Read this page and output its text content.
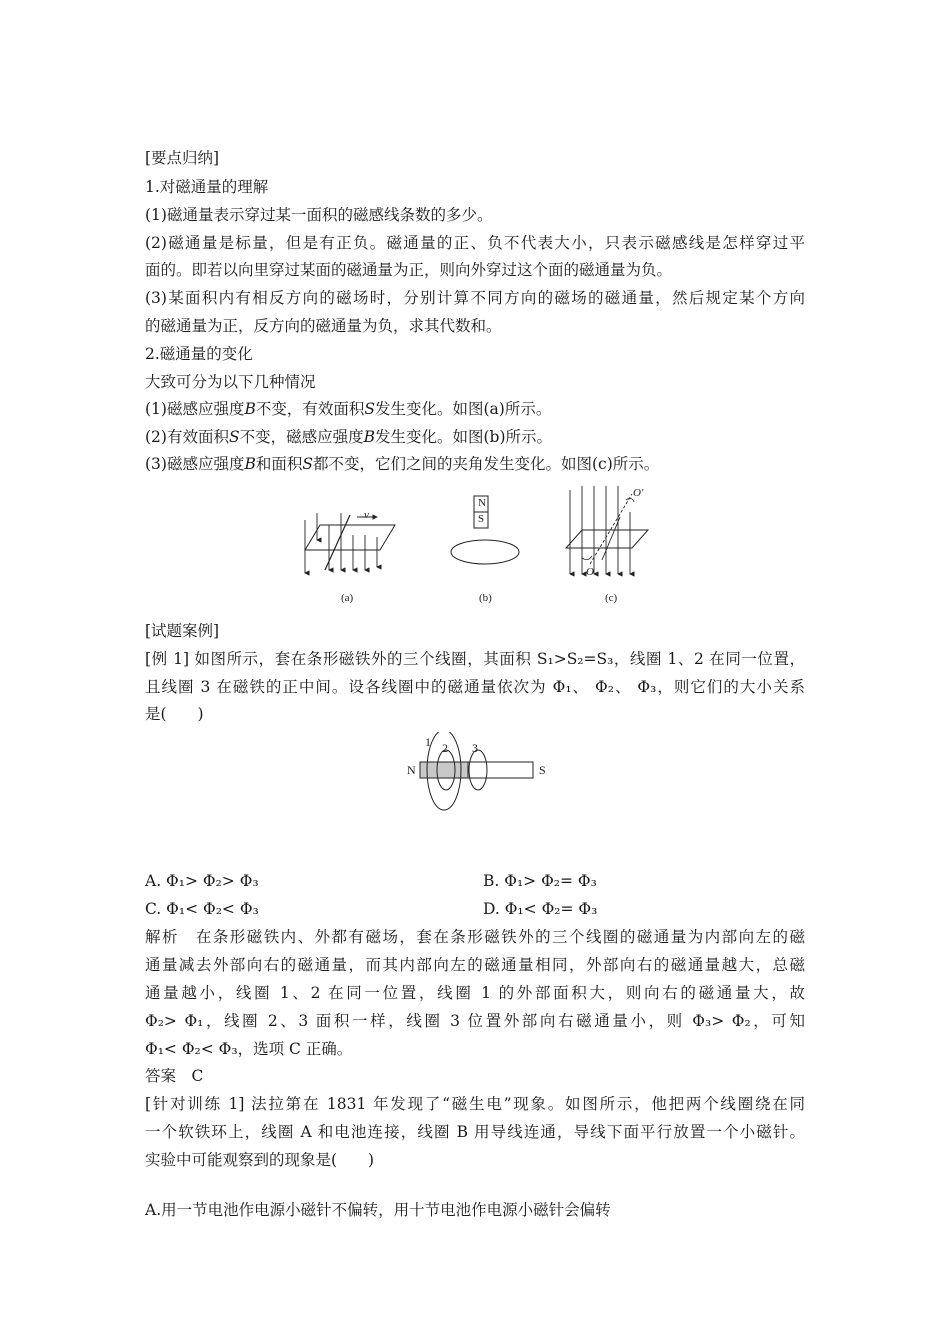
[要点归纳]
1.对磁通量的理解
(1)磁通量表示穿过某一面积的磁感线条数的多少。
(2)磁通量是标量，但是有正负。磁通量的正、负不代表大小，只表示磁感线是怎样穿过平
面的。即若以向里穿过某面的磁通量为正，则向外穿过这个面的磁通量为负。
(3)某面积内有相反方向的磁场时，分别计算不同方向的磁场的磁通量，然后规定某个方向
的磁通量为正，反方向的磁通量为负，求其代数和。
2.磁通量的变化
大致可分为以下几种情况
(1)磁感应强度B不变，有效面积S发生变化。如图(a)所示。
(2)有效面积S不变，磁感应强度B发生变化。如图(b)所示。
(3)磁感应强度B和面积S都不变，它们之间的夹角发生变化。如图(c)所示。
v
(a)
N
S
(b)
O′
O
(c)
[试题案例]
[例 1] 如图所示，套在条形磁铁外的三个线圈，其面积 S₁>S₂=S₃，线圈 1、2 在同一位置，
且线圈 3 在磁铁的正中间。设各线圈中的磁通量依次为 Φ₁、 Φ₂、 Φ₃，则它们的大小关系
是(　　)
N	S
1 2 3
A. Φ₁> Φ₂> Φ₃	B. Φ₁> Φ₂= Φ₃
C. Φ₁< Φ₂< Φ₃	D. Φ₁< Φ₂= Φ₃
解析　在条形磁铁内、外都有磁场，套在条形磁铁外的三个线圈的磁通量为内部向左的磁
通量减去外部向右的磁通量，而其内部向左的磁通量相同，外部向右的磁通量越大，总磁
通量越小，线圈 1、2 在同一位置，线圈 1 的外部面积大，则向右的磁通量大，故
Φ₂> Φ₁，线圈 2、3 面积一样，线圈 3 位置外部向右磁通量小，则 Φ₃> Φ₂，可知
Φ₁< Φ₂< Φ₃，选项 C 正确。
答案　C
[针对训练 1] 法拉第在 1831 年发现了“磁生电”现象。如图所示，他把两个线圈绕在同
一个软铁环上，线圈 A 和电池连接，线圈 B 用导线连通，导线下面平行放置一个小磁针。
实验中可能观察到的现象是(　　)
A.用一节电池作电源小磁针不偏转，用十节电池作电源小磁针会偏转
